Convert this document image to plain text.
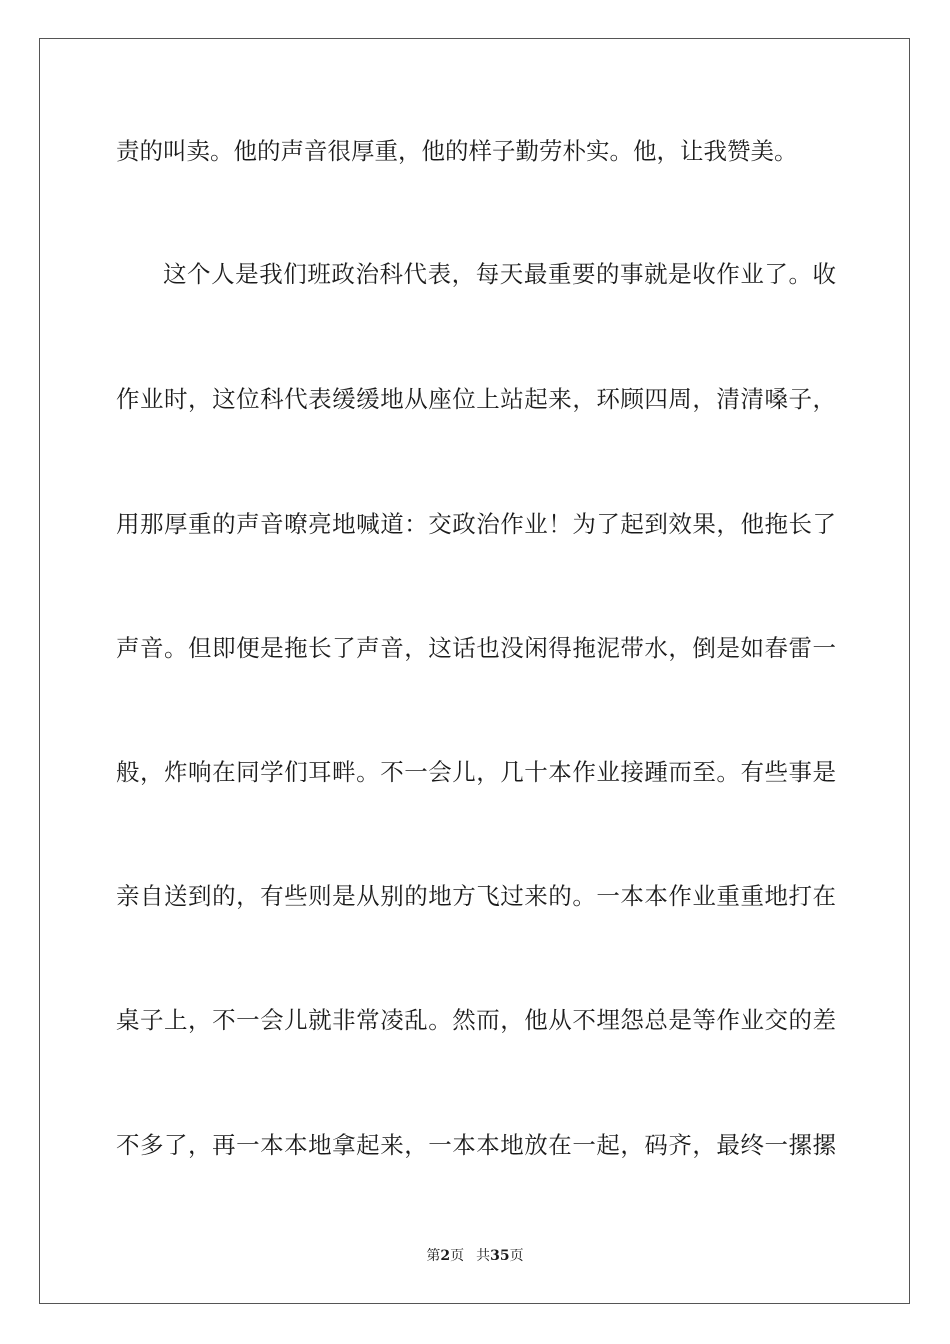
责的叫卖。他的声音很厚重，他的样子勤劳朴实。他，让我赞美。
这个人是我们班政治科代表，每天最重要的事就是收作业了。收
作业时，这位科代表缓缓地从座位上站起来，环顾四周，清清嗓子，
用那厚重的声音嘹亮地喊道：交政治作业！为了起到效果，他拖长了
声音。但即便是拖长了声音，这话也没闲得拖泥带水，倒是如春雷一
般，炸响在同学们耳畔。不一会儿，几十本作业接踵而至。有些事是
亲自送到的，有些则是从别的地方飞过来的。一本本作业重重地打在
桌子上，不一会儿就非常凌乱。然而，他从不埋怨总是等作业交的差
不多了，再一本本地拿起来，一本本地放在一起，码齐，最终一摞摞
第2页 共35页
